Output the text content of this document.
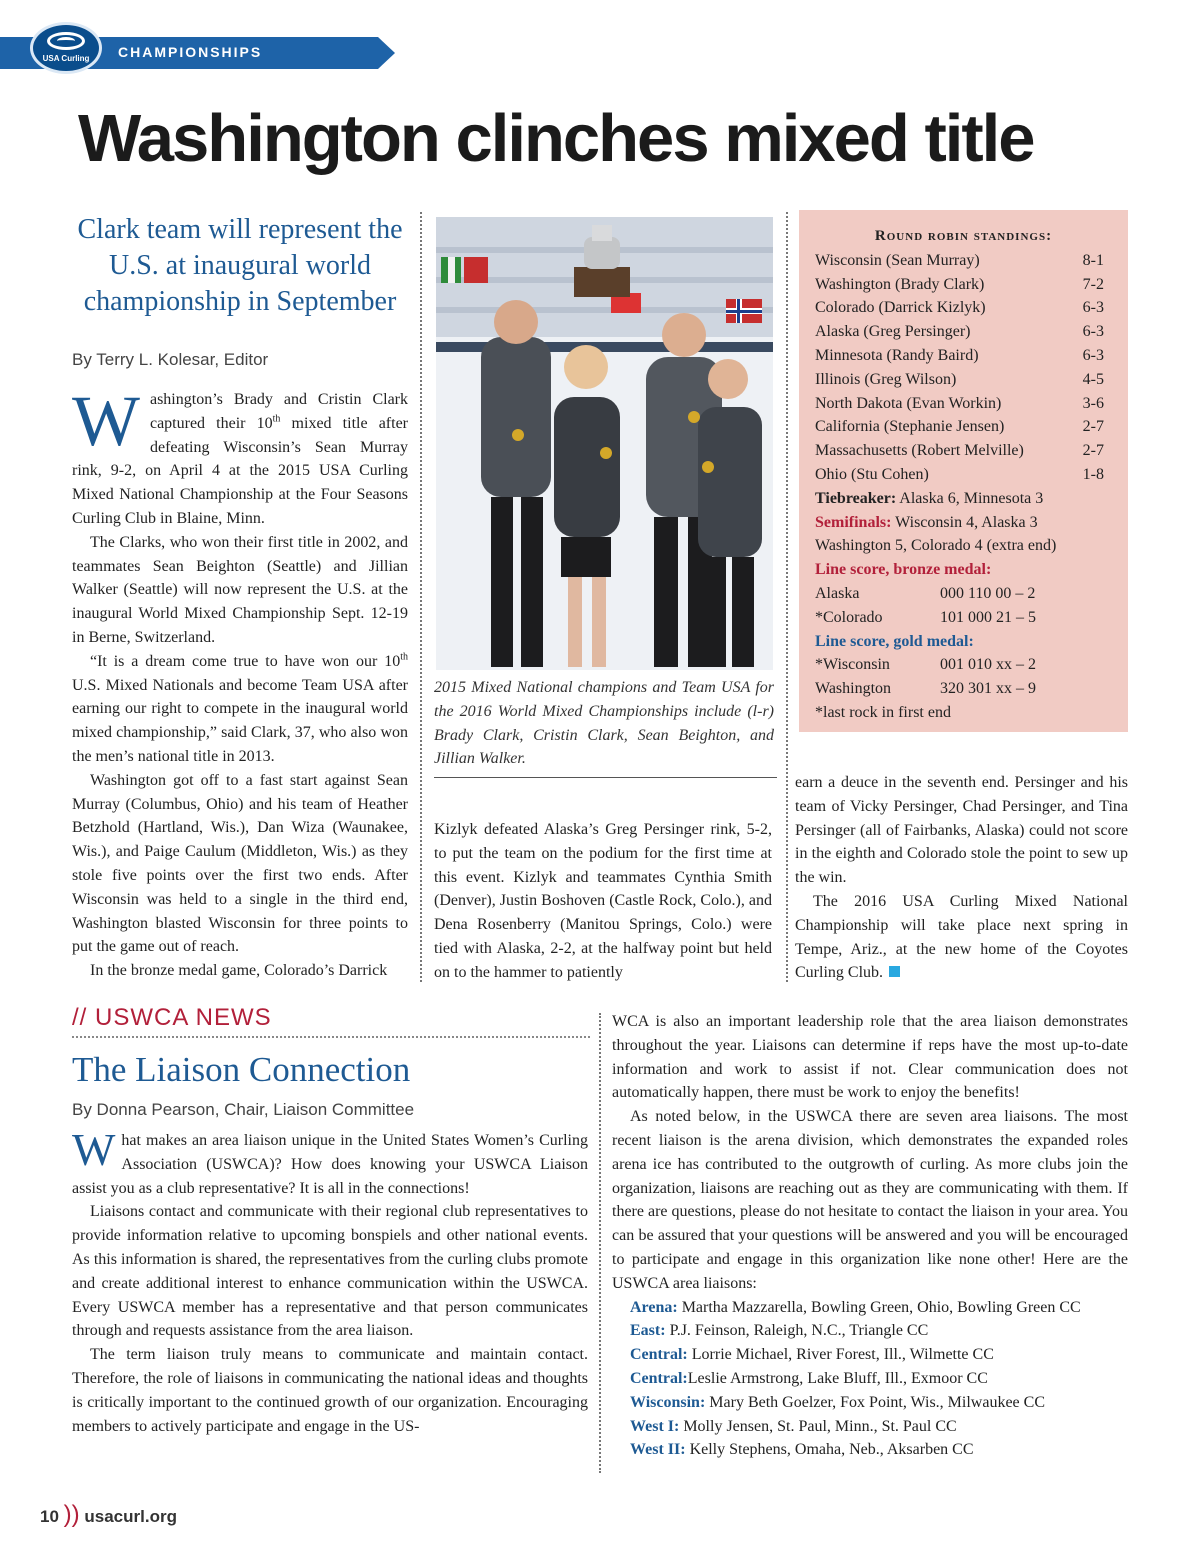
CHAMPIONSHIPS
USA Curling
Washington clinches mixed title
Clark team will represent the U.S. at inaugural world championship in September
By Terry L. Kolesar, Editor

Washington’s Brady and Cristin Clark captured their 10th mixed title after defeating Wisconsin’s Sean Murray rink, 9-2, on April 4 at the 2015 USA Curling Mixed National Championship at the Four Seasons Curling Club in Blaine, Minn.

The Clarks, who won their first title in 2002, and teammates Sean Beighton (Seattle) and Jillian Walker (Seattle) will now represent the U.S. at the inaugural World Mixed Championship Sept. 12-19 in Berne, Switzerland.

“It is a dream come true to have won our 10th U.S. Mixed Nationals and become Team USA after earning our right to compete in the inaugural world mixed championship,” said Clark, 37, who also won the men’s national title in 2013.

Washington got off to a fast start against Sean Murray (Columbus, Ohio) and his team of Heather Betzhold (Hartland, Wis.), Dan Wiza (Waunakee, Wis.), and Paige Caulum (Middleton, Wis.) as they stole five points over the first two ends. After Wisconsin was held to a single in the third end, Washington blasted Wisconsin for three points to put the game out of reach.

In the bronze medal game, Colorado’s Darrick

2015 Mixed National champions and Team USA for the 2016 World Mixed Championships include (l-r) Brady Clark, Cristin Clark, Sean Beighton, and Jillian Walker.

Kizlyk defeated Alaska’s Greg Persinger rink, 5-2, to put the team on the podium for the first time at this event. Kizlyk and teammates Cynthia Smith (Denver), Justin Boshoven (Castle Rock, Colo.), and Dena Rosenberry (Manitou Springs, Colo.) were tied with Alaska, 2-2, at the halfway point but held on to the hammer to patiently

Round robin standings:
Wisconsin (Sean Murray)	8-1
Washington (Brady Clark)	7-2
Colorado (Darrick Kizlyk)	6-3
Alaska (Greg Persinger)	6-3
Minnesota (Randy Baird)	6-3
Illinois (Greg Wilson)	4-5
North Dakota (Evan Workin)	3-6
California (Stephanie Jensen)	2-7
Massachusetts (Robert Melville)	2-7
Ohio (Stu Cohen)	1-8
Tiebreaker: Alaska 6, Minnesota 3
Semifinals: Wisconsin 4, Alaska 3
Washington 5, Colorado 4 (extra end)
Line score, bronze medal:
Alaska	000 110 00 – 2
*Colorado	101 000 21 – 5
Line score, gold medal:
*Wisconsin	001 010 xx – 2
Washington	320 301 xx – 9
*last rock in first end

earn a deuce in the seventh end. Persinger and his team of Vicky Persinger, Chad Persinger, and Tina Persinger (all of Fairbanks, Alaska) could not score in the eighth and Colorado stole the point to sew up the win.

The 2016 USA Curling Mixed National Championship will take place next spring in Tempe, Ariz., at the new home of the Coyotes Curling Club.

// USWCA NEWS
The Liaison Connection
By Donna Pearson, Chair, Liaison Committee

What makes an area liaison unique in the United States Women’s Curling Association (USWCA)? How does knowing your USWCA Liaison assist you as a club representative? It is all in the connections!

Liaisons contact and communicate with their regional club representatives to provide information relative to upcoming bonspiels and other national events. As this information is shared, the representatives from the curling clubs promote and create additional interest to enhance communication within the USWCA. Every USWCA member has a representative and that person communicates through and requests assistance from the area liaison.

The term liaison truly means to communicate and maintain contact. Therefore, the role of liaisons in communicating the national ideas and thoughts is critically important to the continued growth of our organization. Encouraging members to actively participate and engage in the US-

WCA is also an important leadership role that the area liaison demonstrates throughout the year. Liaisons can determine if reps have the most up-to-date information and work to assist if not. Clear communication does not automatically happen, there must be work to enjoy the benefits!

As noted below, in the USWCA there are seven area liaisons. The most recent liaison is the arena division, which demonstrates the expanded roles arena ice has contributed to the outgrowth of curling. As more clubs join the organization, liaisons are reaching out as they are communicating with them. If there are questions, please do not hesitate to contact the liaison in your area. You can be assured that your questions will be answered and you will be encouraged to participate and engage in this organization like none other! Here are the USWCA area liaisons:

Arena: Martha Mazzarella, Bowling Green, Ohio, Bowling Green CC
East: P.J. Feinson, Raleigh, N.C., Triangle CC
Central: Lorrie Michael, River Forest, Ill., Wilmette CC
Central:Leslie Armstrong, Lake Bluff, Ill., Exmoor CC
Wisconsin: Mary Beth Goelzer, Fox Point, Wis., Milwaukee CC
West I: Molly Jensen, St. Paul, Minn., St. Paul CC
West II: Kelly Stephens, Omaha, Neb., Aksarben CC
10 )) usacurl.org
